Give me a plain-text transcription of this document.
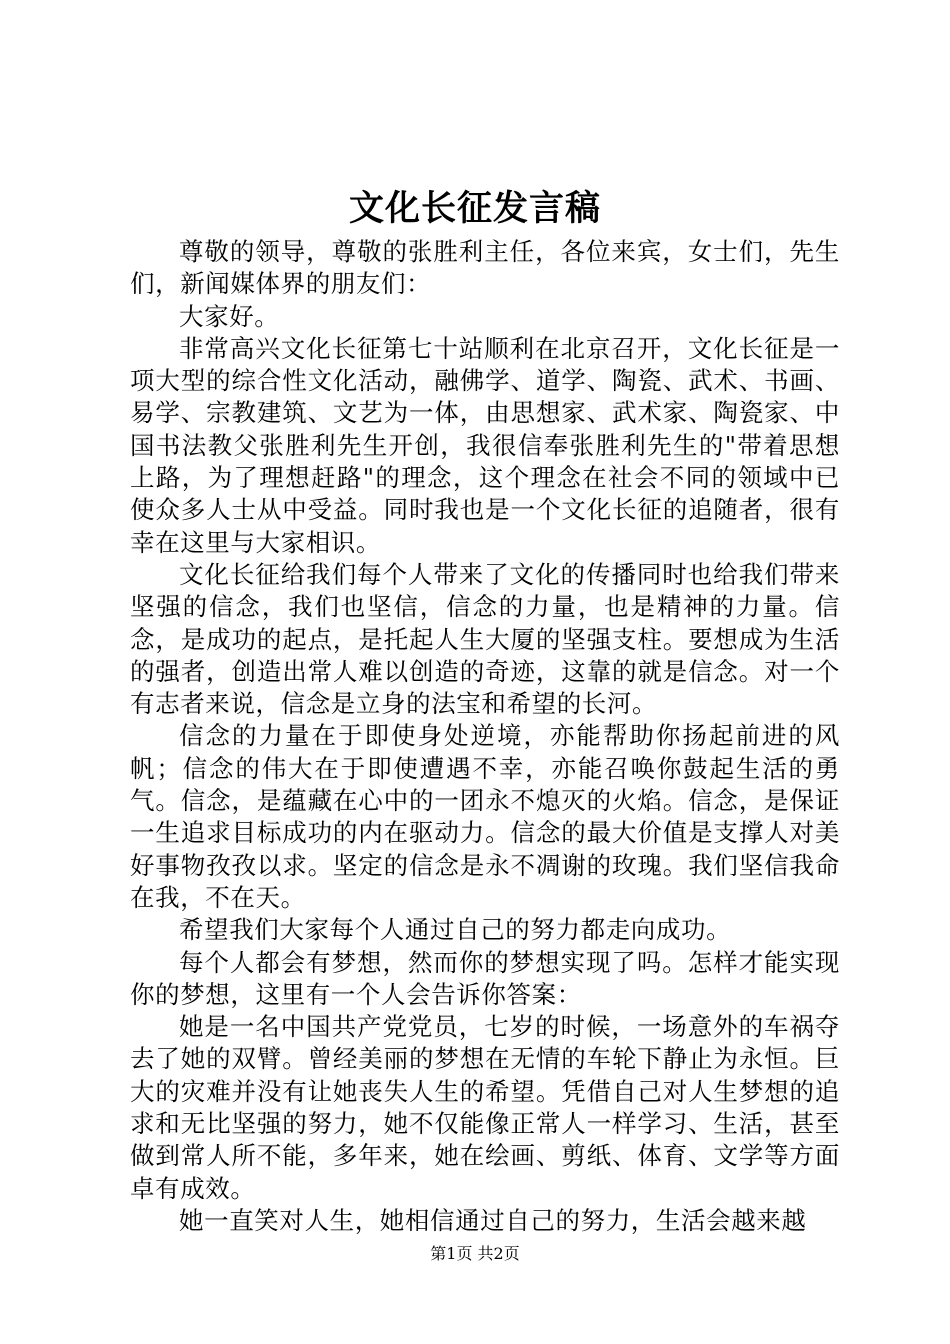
文化长征发言稿

尊敬的领导，尊敬的张胜利主任，各位来宾，女士们，先生们，新闻媒体界的朋友们：

大家好。

非常高兴文化长征第七十站顺利在北京召开，文化长征是一项大型的综合性文化活动，融佛学、道学、陶瓷、武术、书画、易学、宗教建筑、文艺为一体，由思想家、武术家、陶瓷家、中国书法教父张胜利先生开创，我很信奉张胜利先生的"带着思想上路，为了理想赶路"的理念，这个理念在社会不同的领域中已使众多人士从中受益。同时我也是一个文化长征的追随者，很有幸在这里与大家相识。

文化长征给我们每个人带来了文化的传播同时也给我们带来坚强的信念，我们也坚信，信念的力量，也是精神的力量。信念，是成功的起点，是托起人生大厦的坚强支柱。要想成为生活的强者，创造出常人难以创造的奇迹，这靠的就是信念。对一个有志者来说，信念是立身的法宝和希望的长河。

信念的力量在于即使身处逆境，亦能帮助你扬起前进的风帆；信念的伟大在于即使遭遇不幸，亦能召唤你鼓起生活的勇气。信念，是蕴藏在心中的一团永不熄灭的火焰。信念，是保证一生追求目标成功的内在驱动力。信念的最大价值是支撑人对美好事物孜孜以求。坚定的信念是永不凋谢的玫瑰。我们坚信我命在我，不在天。

希望我们大家每个人通过自己的努力都走向成功。

每个人都会有梦想，然而你的梦想实现了吗。怎样才能实现你的梦想，这里有一个人会告诉你答案：

她是一名中国共产党党员，七岁的时候，一场意外的车祸夺去了她的双臂。曾经美丽的梦想在无情的车轮下静止为永恒。巨大的灾难并没有让她丧失人生的希望。凭借自己对人生梦想的追求和无比坚强的努力，她不仅能像正常人一样学习、生活，甚至做到常人所不能，多年来，她在绘画、剪纸、体育、文学等方面卓有成效。

她一直笑对人生，她相信通过自己的努力，生活会越来越

第1页 共2页
